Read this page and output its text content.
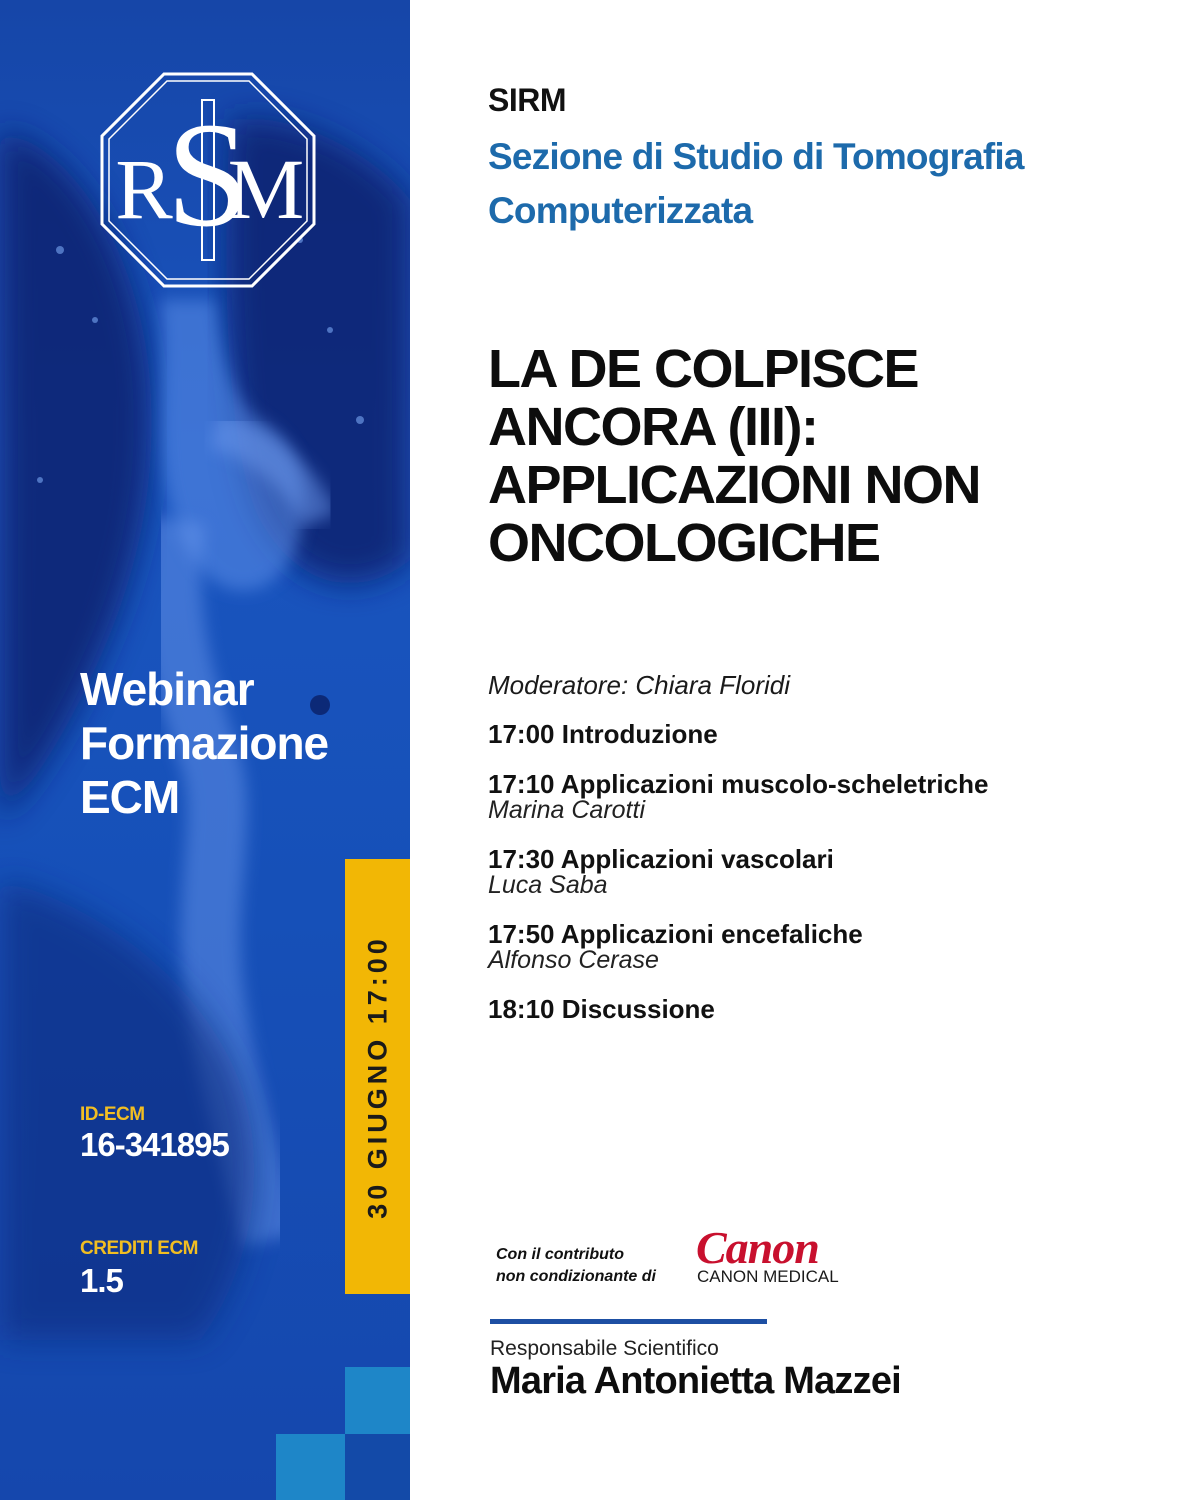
S
R M
Webinar
Formazione
ECM
ID-ECM
16-341895
CREDITI ECM
1.5
30 GIUGNO 17:00
SIRM
Sezione di Studio di Tomografia
Computerizzata
LA DE COLPISCE
ANCORA (III):
APPLICAZIONI NON
ONCOLOGICHE
Moderatore: Chiara Floridi
17:00 Introduzione
17:10 Applicazioni muscolo-scheletriche
Marina Carotti
17:30 Applicazioni vascolari
Luca Saba
17:50 Applicazioni encefaliche
Alfonso Cerase
18:10 Discussione
Con il contributo
non condizionante di
Canon
CANON MEDICAL
Responsabile Scientifico
Maria Antonietta Mazzei
